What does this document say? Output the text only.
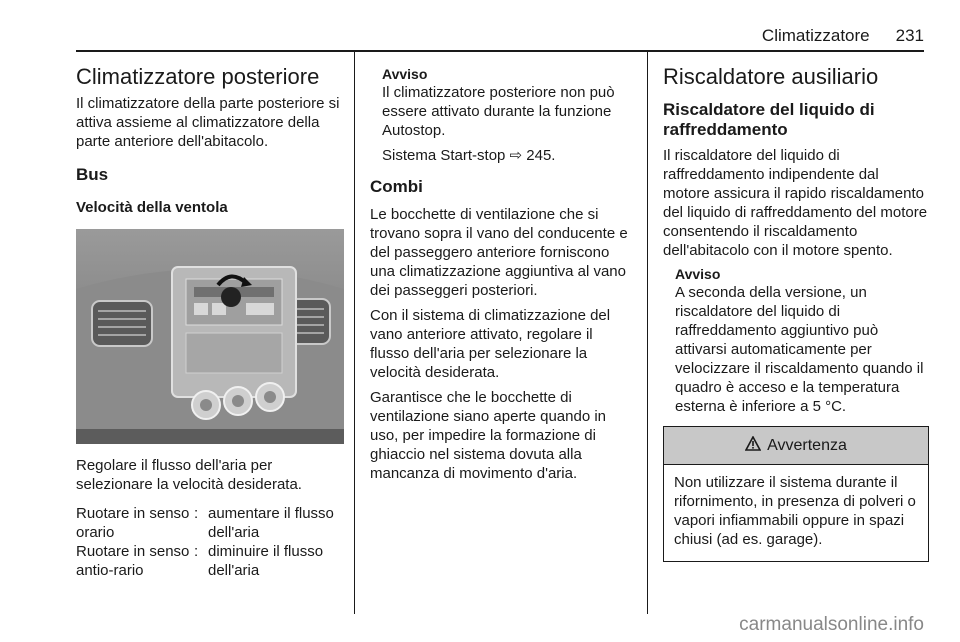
Climatizzatore 231
Climatizzatore posteriore

Il climatizzatore della parte posteriore si attiva assieme al climatizzatore della parte anteriore dell'abitacolo.

Bus
Velocità della ventola

Regolare il flusso dell'aria per selezionare la velocità desiderata.

Ruotare in senso orario
: aumentare il flusso dell'aria
Ruotare in senso antio-rario
: diminuire il flusso dell'aria
Avviso

Il climatizzatore posteriore non può essere attivato durante la funzione Autostop.

Sistema Start-stop ⇨ 245.

Combi

Le bocchette di ventilazione che si trovano sopra il vano del conducente e del passeggero anteriore forniscono una climatizzazione aggiuntiva al vano dei passeggeri posteriori.

Con il sistema di climatizzazione del vano anteriore attivato, regolare il flusso dell'aria per selezionare la velocità desiderata.

Garantisce che le bocchette di ventilazione siano aperte quando in uso, per impedire la formazione di ghiaccio nel sistema dovuta alla mancanza di movimento d'aria.

Riscaldatore ausiliario
Riscaldatore del liquido di raffreddamento

Il riscaldatore del liquido di raffreddamento indipendente dal motore assicura il rapido riscaldamento del liquido di raffreddamento del motore consentendo il riscaldamento dell'abitacolo con il motore spento.

Avviso

A seconda della versione, un riscaldatore del liquido di raffreddamento aggiuntivo può attivarsi automaticamente per velocizzare il riscaldamento quando il quadro è acceso e la temperatura esterna è inferiore a 5 °C.

Avvertenza
Non utilizzare il sistema durante il rifornimento, in presenza di polveri o vapori infiammabili oppure in spazi chiusi (ad es. garage).
carmanualsonline.info
